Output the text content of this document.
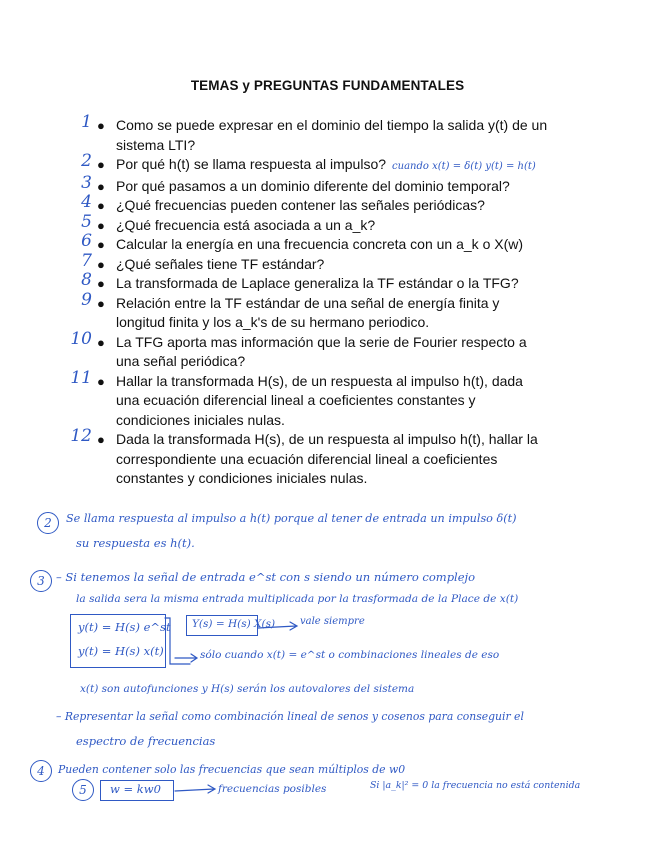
TEMAS y PREGUNTAS FUNDAMENTALES
1 ● Como se puede expresar en el dominio del tiempo la salida y(t) de un
sistema LTI?
2 ● Por qué h(t) se llama respuesta al impulso? cuando x(t) = δ(t) y(t) = h(t)
3 ● Por qué pasamos a un dominio diferente del dominio temporal?
4 ● ¿Qué frecuencias pueden contener las señales periódicas?
5 ● ¿Qué frecuencia está asociada a un a_k?
6 ● Calcular la energía en una frecuencia concreta con un a_k o X(w)
7 ● ¿Qué señales tiene TF estándar?
8 ● La transformada de Laplace generaliza la TF estándar o la TFG?
9 ● Relación entre la TF estándar de una señal de energía finita y
longitud finita y los a_k's de su hermano periodico.
10 ● La TFG aporta mas información que la serie de Fourier respecto a
una señal periódica?
11 ● Hallar la transformada H(s), de un respuesta al impulso h(t), dada
una ecuación diferencial lineal a coeficientes constantes y
condiciones iniciales nulas.
12 ● Dada la transformada H(s), de un respuesta al impulso h(t), hallar la
correspondiente una ecuación diferencial lineal a coeficientes
constantes y condiciones iniciales nulas.
2	Se llama respuesta al impulso a h(t) porque al tener de entrada un impulso δ(t)
su respuesta es h(t).
3 – Si tenemos la señal de entrada e^st con s siendo un número complejo
la salida sera la misma entrada multiplicada por la trasformada de la Place de x(t)
y(t) = H(s) e^st
y(t) = H(s) x(t)
Y(s) = H(s) X(s) vale siempre
sólo cuando x(t) = e^st o combinaciones lineales de eso
x(t) son autofunciones y H(s) serán los autovalores del sistema
– Representar la señal como combinación lineal de senos y cosenos para conseguir el
espectro de frecuencias
4	Pueden contener solo las frecuencias que sean múltiplos de w0
5	w = kw0	frecuencias posibles	Si |a_k|² = 0 la frecuencia no está contenida
